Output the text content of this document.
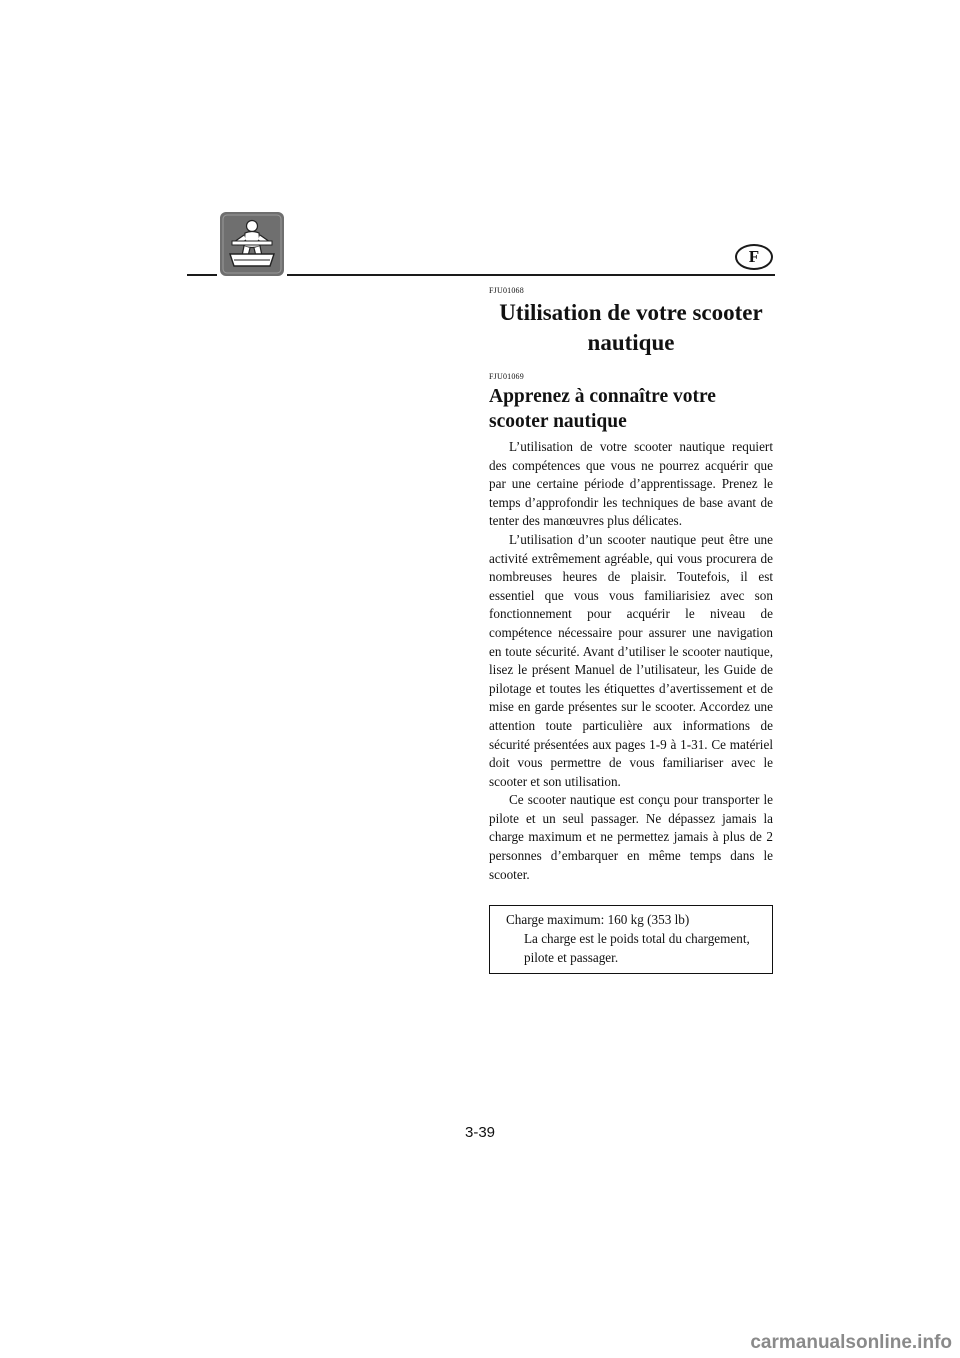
F

FJU01068

Utilisation de votre scooter nautique

FJU01069

Apprenez à connaître votre scooter nautique

L’utilisation de votre scooter nautique requiert des compétences que vous ne pourrez acquérir que par une certaine période d’apprentissage. Prenez le temps d’approfondir les techniques de base avant de tenter des manœuvres plus délicates.

L’utilisation d’un scooter nautique peut être une activité extrêmement agréable, qui vous procurera de nombreuses heures de plaisir. Toutefois, il est essentiel que vous vous familiarisiez avec son fonctionnement pour acquérir le niveau de compétence nécessaire pour assurer une navigation en toute sécurité. Avant d’utiliser le scooter nautique, lisez le présent Manuel de l’utilisateur, les Guide de pilotage et toutes les étiquettes d’avertissement et de mise en garde présentes sur le scooter. Accordez une attention toute particulière aux informations de sécurité présentées aux pages 1-9 à 1-31. Ce matériel doit vous permettre de vous familiariser avec le scooter et son utilisation.

Ce scooter nautique est conçu pour transporter le pilote et un seul passager. Ne dépassez jamais la charge maximum et ne permettez jamais à plus de 2 personnes d’embarquer en même temps dans le scooter.

Charge maximum: 160 kg (353 lb)
La charge est le poids total du chargement, pilote et passager.
3-39
carmanualsonline.info
